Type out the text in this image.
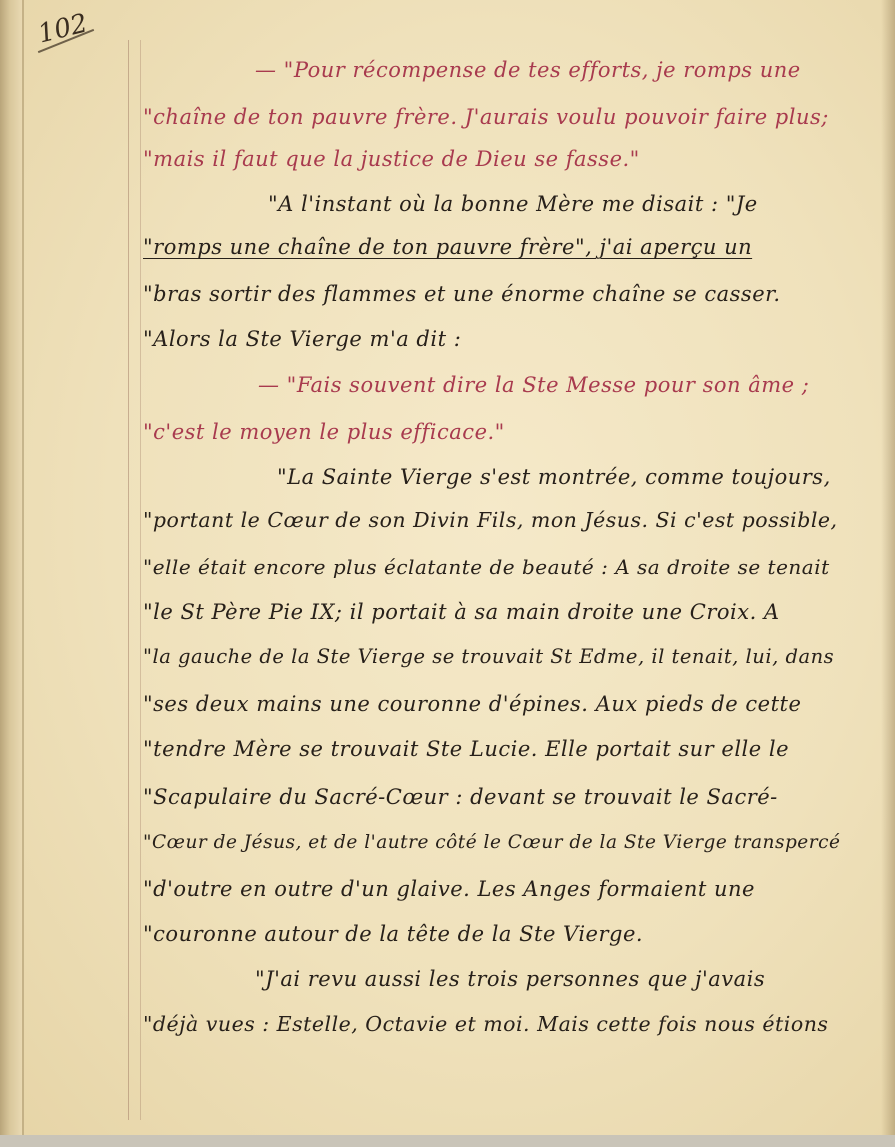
102
— "Pour récompense de tes efforts, je romps une
"chaîne de ton pauvre frère. J'aurais voulu pouvoir faire plus;
"mais il faut que la justice de Dieu se fasse."
"A l'instant où la bonne Mère me disait : "Je
"romps une chaîne de ton pauvre frère", j'ai aperçu un
"bras sortir des flammes et une énorme chaîne se casser.
"Alors la Ste Vierge m'a dit :
— "Fais souvent dire la Ste Messe pour son âme ;
"c'est le moyen le plus efficace."
"La Sainte Vierge s'est montrée, comme toujours,
"portant le Cœur de son Divin Fils, mon Jésus. Si c'est possible,
"elle était encore plus éclatante de beauté : A sa droite se tenait
"le St Père Pie IX; il portait à sa main droite une Croix. A
"la gauche de la Ste Vierge se trouvait St Edme, il tenait, lui, dans
"ses deux mains une couronne d'épines. Aux pieds de cette
"tendre Mère se trouvait Ste Lucie. Elle portait sur elle le
"Scapulaire du Sacré-Cœur : devant se trouvait le Sacré-
"Cœur de Jésus, et de l'autre côté le Cœur de la Ste Vierge transpercé
"d'outre en outre d'un glaive. Les Anges formaient une
"couronne autour de la tête de la Ste Vierge.
"J'ai revu aussi les trois personnes que j'avais
"déjà vues : Estelle, Octavie et moi. Mais cette fois nous étions
